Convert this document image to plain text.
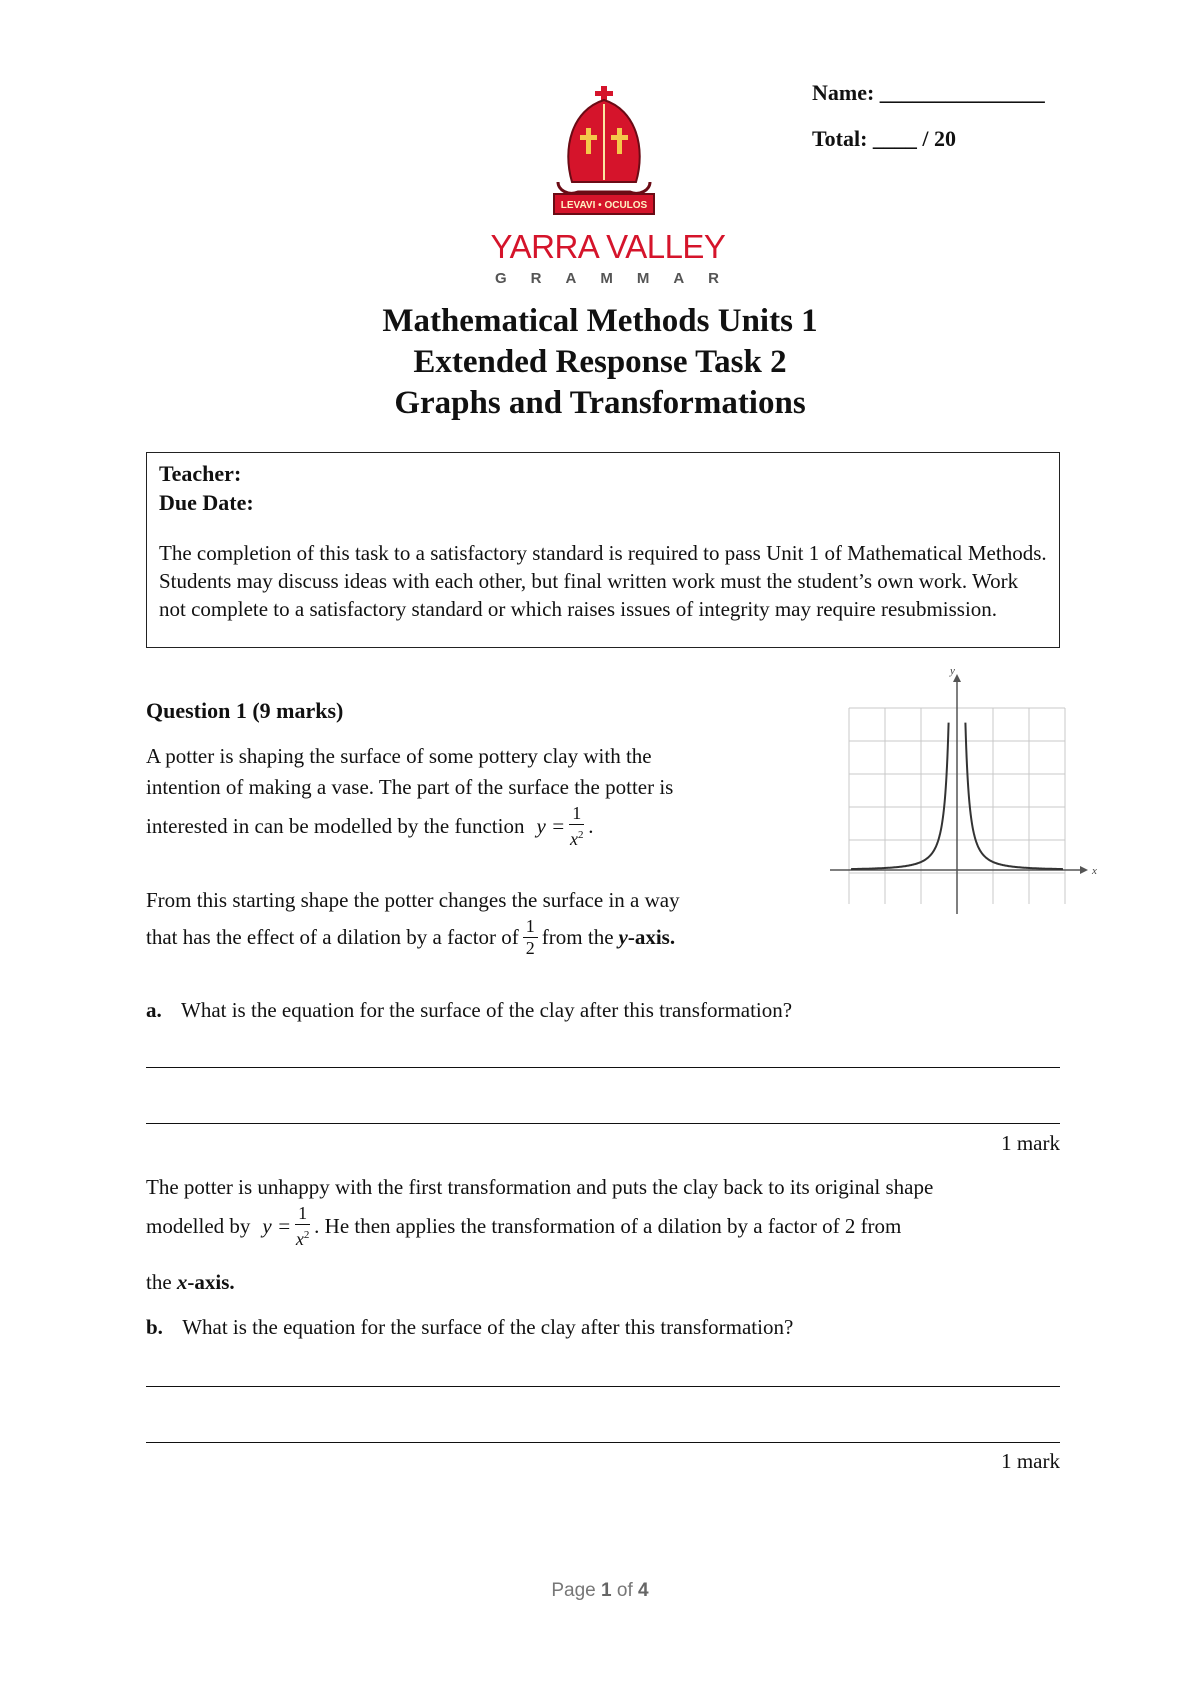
Name: _______________
Total: ____ / 20
LEVAVI • OCULOS
YARRA VALLEY
GRAMMAR
Mathematical Methods Units 1
Extended Response Task 2
Graphs and Transformations
Teacher:
Due Date:
The completion of this task to a satisfactory standard is required to pass Unit 1 of Mathematical Methods. Students may discuss ideas with each other, but final written work must the student’s own work. Work not complete to a satisfactory standard or which raises issues of integrity may require resubmission.
Question 1 (9 marks)
A potter is shaping the surface of some pottery clay with the
intention of making a vase. The part of the surface the potter is
interested in can be modelled by the function $y = \frac{1}{x^2}$ .
From this starting shape the potter changes the surface in a way
that has the effect of a dilation by a factor of $\frac{1}{2}$ from the y-axis.
a. What is the equation for the surface of the clay after this transformation?
1 mark
The potter is unhappy with the first transformation and puts the clay back to its original shape
modelled by $y = \frac{1}{x^2}$ . He then applies the transformation of a dilation by a factor of 2 from
the x-axis.
b. What is the equation for the surface of the clay after this transformation?
1 mark
x
y
Page 1 of 4
